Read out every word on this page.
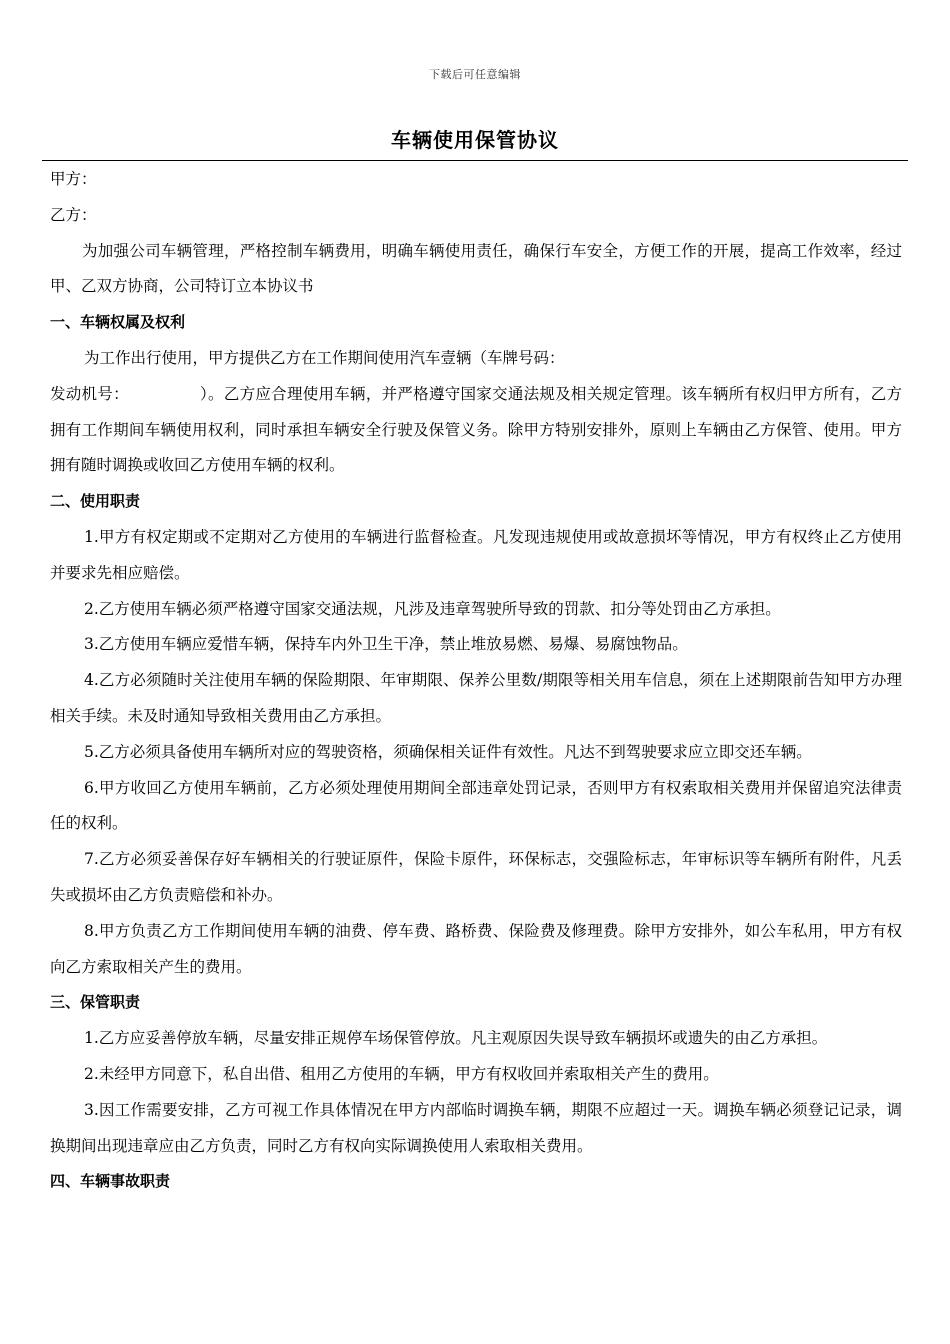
下载后可任意编辑
车辆使用保管协议

甲方：

乙方：

为加强公司车辆管理，严格控制车辆费用，明确车辆使用责任，确保行车安全，方便工作的开展，提高工作效率，经过甲、乙双方协商，公司特订立本协议书

一、车辆权属及权利

为工作出行使用，甲方提供乙方在工作期间使用汽车壹辆（车牌号码：

发动机号：　　　　　）。乙方应合理使用车辆，并严格遵守国家交通法规及相关规定管理。该车辆所有权归甲方所有，乙方拥有工作期间车辆使用权利，同时承担车辆安全行驶及保管义务。除甲方特别安排外，原则上车辆由乙方保管、使用。甲方拥有随时调换或收回乙方使用车辆的权利。

二、使用职责

1.甲方有权定期或不定期对乙方使用的车辆进行监督检查。凡发现违规使用或故意损坏等情况，甲方有权终止乙方使用并要求先相应赔偿。

2.乙方使用车辆必须严格遵守国家交通法规，凡涉及违章驾驶所导致的罚款、扣分等处罚由乙方承担。

3.乙方使用车辆应爱惜车辆，保持车内外卫生干净，禁止堆放易燃、易爆、易腐蚀物品。

4.乙方必须随时关注使用车辆的保险期限、年审期限、保养公里数/期限等相关用车信息，须在上述期限前告知甲方办理相关手续。未及时通知导致相关费用由乙方承担。

5.乙方必须具备使用车辆所对应的驾驶资格，须确保相关证件有效性。凡达不到驾驶要求应立即交还车辆。

6.甲方收回乙方使用车辆前，乙方必须处理使用期间全部违章处罚记录，否则甲方有权索取相关费用并保留追究法律责任的权利。

7.乙方必须妥善保存好车辆相关的行驶证原件，保险卡原件，环保标志，交强险标志，年审标识等车辆所有附件，凡丢失或损坏由乙方负责赔偿和补办。

8.甲方负责乙方工作期间使用车辆的油费、停车费、路桥费、保险费及修理费。除甲方安排外，如公车私用，甲方有权向乙方索取相关产生的费用。

三、保管职责

1.乙方应妥善停放车辆，尽量安排正规停车场保管停放。凡主观原因失误导致车辆损坏或遗失的由乙方承担。

2.未经甲方同意下，私自出借、租用乙方使用的车辆，甲方有权收回并索取相关产生的费用。

3.因工作需要安排，乙方可视工作具体情况在甲方内部临时调换车辆，期限不应超过一天。调换车辆必须登记记录，调换期间出现违章应由乙方负责，同时乙方有权向实际调换使用人索取相关费用。

四、车辆事故职责
